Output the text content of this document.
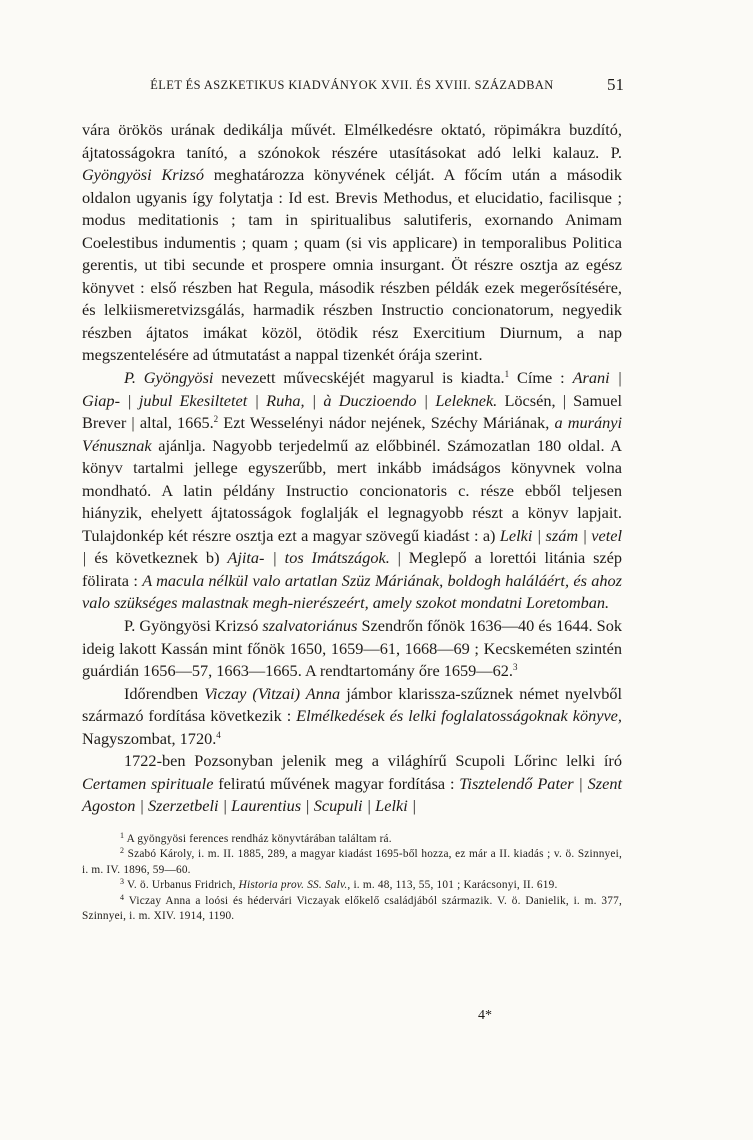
ÉLET ÉS ASZKETIKUS KIADVÁNYOK XVII. ÉS XVIII. SZÁZADBAN	51

vára örökös urának dedikálja művét. Elmélkedésre oktató, röpimákra buzdító, ájtatosságokra tanító, a szónokok részére utasításokat adó lelki kalauz. P. Gyöngyösi Krizsó meghatározza könyvének célját. A főcím után a második oldalon ugyanis így folytatja : Id est. Brevis Methodus, et elucidatio, facilisque ; modus meditationis ; tam in spiritualibus salutiferis, exornando Animam Coelestibus indumentis ; quam ; quam (si vis applicare) in temporalibus Politica gerentis, ut tibi secunde et prospere omnia insurgant. Öt részre osztja az egész könyvet : első részben hat Regula, második részben példák ezek megerősítésére, és lelkiismeretvizsgálás, harmadik részben Instructio concionatorum, negyedik részben ájtatos imákat közöl, ötödik rész Exercitium Diurnum, a nap megszentelésére ad útmutatást a nappal tizenkét órája szerint.

P. Gyöngyösi nevezett művecskéjét magyarul is kiadta.$^1$ Címe : Arani | Giap- | jubul Ekesiltetet | Ruha, | à Duczioendo | Leleknek. Löcsén, | Samuel Brever | altal, 1665.$^2$ Ezt Wesselényi nádor nejének, Széchy Máriának, a murányi Vénusznak ajánlja. Nagyobb terjedelmű az előbbinél. Számozatlan 180 oldal. A könyv tartalmi jellege egyszerűbb, mert inkább imádságos könyvnek volna mondható. A latin példány Instructio concionatoris c. része ebből teljesen hiányzik, ehelyett ájtatosságok foglalják el legnagyobb részt a könyv lapjait. Tulajdonkép két részre osztja ezt a magyar szövegű kiadást : a) Lelki | szám | vetel | és következnek b) Ajita- | tos Imátszágok. | Meglepő a lorettói litánia szép fölirata : A macula nélkül valo artatlan Szüz Máriának, boldogh haláláért, és ahoz valo szükséges malastnak megh-nierészeért, amely szokot mondatni Loretomban.

P. Gyöngyösi Krizsó szalvatoriánus Szendrőn főnök 1636—40 és 1644. Sok ideig lakott Kassán mint főnök 1650, 1659—61, 1668—69 ; Kecskeméten szintén guárdián 1656—57, 1663—1665. A rendtartomány őre 1659—62.$^3$

Időrendben Viczay (Vitzai) Anna jámbor klarissza-szűznek német nyelvből származó fordítása következik : Elmélkedések és lelki foglalatosságoknak könyve, Nagyszombat, 1720.$^4$

1722-ben Pozsonyban jelenik meg a világhírű Scupoli Lőrinc lelki író Certamen spirituale feliratú művének magyar fordítása : Tisztelendő Pater | Szent Agoston | Szerzetbeli | Laurentius | Scupuli | Lelki |

$^1$ A gyöngyösi ferences rendház könyvtárában találtam rá.

$^2$ Szabó Károly, i. m. II. 1885, 289, a magyar kiadást 1695-ből hozza, ez már a II. kiadás ; v. ö. Szinnyei, i. m. IV. 1896, 59—60.

$^3$ V. ö. Urbanus Fridrich, Historia prov. SS. Salv., i. m. 48, 113, 55, 101 ; Karácsonyi, II. 619.

$^4$ Viczay Anna a loósi és hédervári Viczayak előkelő családjából származik. V. ö. Danielik, i. m. 377, Szinnyei, i. m. XIV. 1914, 1190.

4*
